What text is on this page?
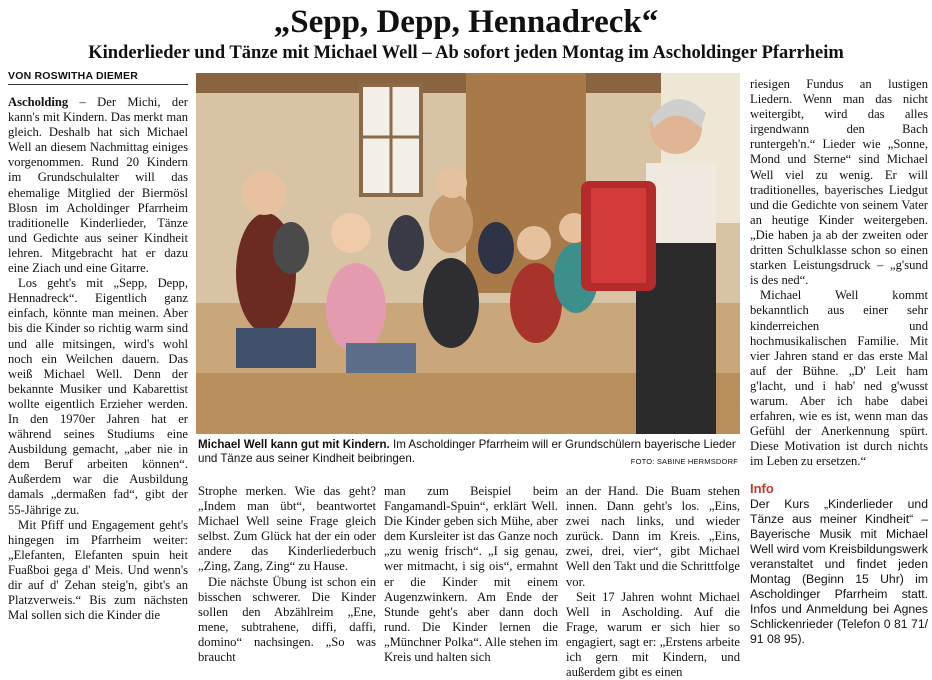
„Sepp, Depp, Hennadreck“
Kinderlieder und Tänze mit Michael Well – Ab sofort jeden Montag im Ascholdinger Pfarrheim
VON ROSWITHA DIEMER

Ascholding – Der Michi, der kann's mit Kindern. Das merkt man gleich. Deshalb hat sich Michael Well an diesem Nachmittag einiges vorgenommen. Rund 20 Kindern im Grundschulalter will das ehemalige Mitglied der Biermösl Blosn im Acholdinger Pfarrheim traditionelle Kinderlieder, Tänze und Gedichte aus seiner Kindheit lehren. Mitgebracht hat er dazu eine Ziach und eine Gitarre.

Los geht's mit „Sepp, Depp, Hennadreck“. Eigentlich ganz einfach, könnte man meinen. Aber bis die Kinder so richtig warm sind und alle mitsingen, wird's wohl noch ein Weilchen dauern. Das weiß Michael Well. Denn der bekannte Musiker und Kabarettist wollte eigentlich Erzieher werden. In den 1970er Jahren hat er während seines Studiums eine Ausbildung gemacht, „aber nie in dem Beruf arbeiten können“. Außerdem war die Ausbildung damals „dermaßen fad“, gibt der 55-Jährige zu.

Mit Pfiff und Engagement geht's hingegen im Pfarrheim weiter: „Elefanten, Elefanten spuin heit Fuaßboi gega d' Meis. Und wenn's dir auf d' Zehan steig'n, gibt's an Platzverweis.“ Bis zum nächsten Mal sollen sich die Kinder die

Michael Well kann gut mit Kindern. Im Ascholdinger Pfarrheim will er Grundschülern bayerische Lieder und Tänze aus seiner Kindheit beibringen.	FOTO: SABINE HERMSDORF

Strophe merken. Wie das geht? „Indem man übt“, beantwortet Michael Well seine Frage gleich selbst. Zum Glück hat der ein oder andere das Kinderliederbuch „Zing, Zang, Zing“ zu Hause.

Die nächste Übung ist schon ein bisschen schwerer. Die Kinder sollen den Abzählreim „Ene, mene, subtrahene, diffi, daffi, domino“ nachsingen. „So was braucht

man zum Beispiel beim Fangamandl-Spuin“, erklärt Well. Die Kinder geben sich Mühe, aber dem Kursleiter ist das Ganze noch „zu wenig frisch“. „I sig genau, wer mitmacht, i sig ois“, ermahnt er die Kinder mit einem Augenzwinkern. Am Ende der Stunde geht's aber dann doch rund. Die Kinder lernen die „Münchner Polka“. Alle stehen im Kreis und halten sich

an der Hand. Die Buam stehen innen. Dann geht's los. „Eins, zwei nach links, und wieder zurück. Dann im Kreis. „Eins, zwei, drei, vier“, gibt Michael Well den Takt und die Schrittfolge vor.

Seit 17 Jahren wohnt Michael Well in Ascholding. Auf die Frage, warum er sich hier so engagiert, sagt er: „Erstens arbeite ich gern mit Kindern, und außerdem gibt es einen

riesigen Fundus an lustigen Liedern. Wenn man das nicht weitergibt, wird das alles irgendwann den Bach runtergeh'n.“ Lieder wie „Sonne, Mond und Sterne“ sind Michael Well viel zu wenig. Er will traditionelles, bayerisches Liedgut und die Gedichte von seinem Vater an heutige Kinder weitergeben. „Die haben ja ab der zweiten oder dritten Schulklasse schon so einen starken Leistungsdruck – „g'sund is des ned“.

Michael Well kommt bekanntlich aus einer sehr kinderreichen und hochmusikalischen Familie. Mit vier Jahren stand er das erste Mal auf der Bühne. „D' Leit ham g'lacht, und i hab' ned g'wusst warum. Aber ich habe dabei erfahren, wie es ist, wenn man das Gefühl der Anerkennung spürt. Diese Motivation ist durch nichts im Leben zu ersetzen.“

Info
Der Kurs „Kinderlieder und Tänze aus meiner Kindheit“ – Bayerische Musik mit Michael Well wird vom Kreisbildungswerk veranstaltet und findet jeden Montag (Beginn 15 Uhr) im Ascholdinger Pfarrheim statt. Infos und Anmeldung bei Agnes Schlickenrieder (Telefon 0 81 71/ 91 08 95).
